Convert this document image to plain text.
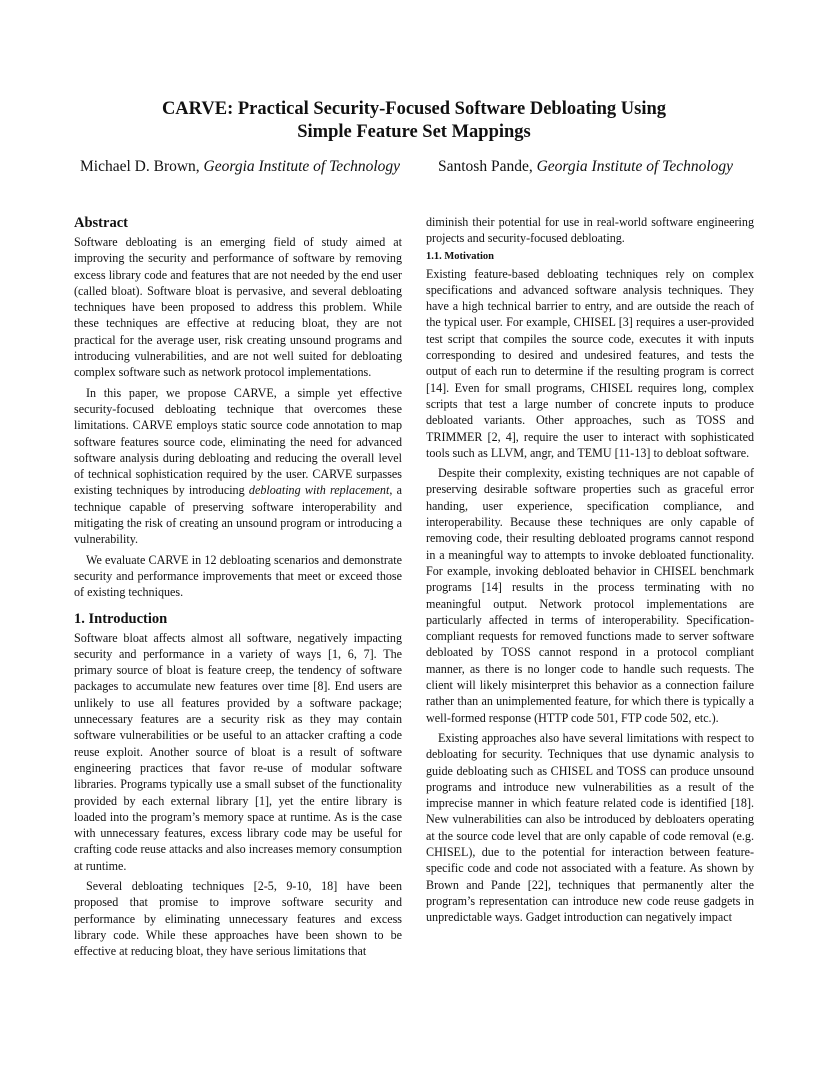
CARVE: Practical Security-Focused Software Debloating Using
Simple Feature Set Mappings
Michael D. Brown, Georgia Institute of Technology Santosh Pande, Georgia Institute of Technology
Abstract

Software debloating is an emerging field of study aimed at improving the security and performance of software by removing excess library code and features that are not needed by the end user (called bloat). Software bloat is pervasive, and several debloating techniques have been proposed to address this problem. While these techniques are effective at reducing bloat, they are not practical for the average user, risk creating unsound programs and introducing vulnerabilities, and are not well suited for debloating complex software such as network protocol implementations.

In this paper, we propose CARVE, a simple yet effective security-focused debloating technique that overcomes these limitations. CARVE employs static source code annotation to map software features source code, eliminating the need for advanced software analysis during debloating and reducing the overall level of technical sophistication required by the user. CARVE surpasses existing techniques by introducing debloating with replacement, a technique capable of preserving software interoperability and mitigating the risk of creating an unsound program or introducing a vulnerability.

We evaluate CARVE in 12 debloating scenarios and demonstrate security and performance improvements that meet or exceed those of existing techniques.

1. Introduction

Software bloat affects almost all software, negatively impacting security and performance in a variety of ways [1, 6, 7]. The primary source of bloat is feature creep, the tendency of software packages to accumulate new features over time [8]. End users are unlikely to use all features provided by a software package; unnecessary features are a security risk as they may contain software vulnerabilities or be useful to an attacker crafting a code reuse exploit. Another source of bloat is a result of software engineering practices that favor re-use of modular software libraries. Programs typically use a small subset of the functionality provided by each external library [1], yet the entire library is loaded into the program’s memory space at runtime. As is the case with unnecessary features, excess library code may be useful for crafting code reuse attacks and also increases memory consumption at runtime.

Several debloating techniques [2-5, 9-10, 18] have been proposed that promise to improve software security and performance by eliminating unnecessary features and excess library code. While these approaches have been shown to be effective at reducing bloat, they have serious limitations that

diminish their potential for use in real-world software engineering projects and security-focused debloating.

1.1. Motivation

Existing feature-based debloating techniques rely on complex specifications and advanced software analysis techniques. They have a high technical barrier to entry, and are outside the reach of the typical user. For example, CHISEL [3] requires a user-provided test script that compiles the source code, executes it with inputs corresponding to desired and undesired features, and tests the output of each run to determine if the resulting program is correct [14]. Even for small programs, CHISEL requires long, complex scripts that test a large number of concrete inputs to produce debloated variants. Other approaches, such as TOSS and TRIMMER [2, 4], require the user to interact with sophisticated tools such as LLVM, angr, and TEMU [11-13] to debloat software.

Despite their complexity, existing techniques are not capable of preserving desirable software properties such as graceful error handing, user experience, specification compliance, and interoperability. Because these techniques are only capable of removing code, their resulting debloated programs cannot respond in a meaningful way to attempts to invoke debloated functionality. For example, invoking debloated behavior in CHISEL benchmark programs [14] results in the process terminating with no meaningful output. Network protocol implementations are particularly affected in terms of interoperability. Specification-compliant requests for removed functions made to server software debloated by TOSS cannot respond in a protocol compliant manner, as there is no longer code to handle such requests. The client will likely misinterpret this behavior as a connection failure rather than an unimplemented feature, for which there is typically a well-formed response (HTTP code 501, FTP code 502, etc.).

Existing approaches also have several limitations with respect to debloating for security. Techniques that use dynamic analysis to guide debloating such as CHISEL and TOSS can produce unsound programs and introduce new vulnerabilities as a result of the imprecise manner in which feature related code is identified [18]. New vulnerabilities can also be introduced by debloaters operating at the source code level that are only capable of code removal (e.g. CHISEL), due to the potential for interaction between feature-specific code and code not associated with a feature. As shown by Brown and Pande [22], techniques that permanently alter the program’s representation can introduce new code reuse gadgets in unpredictable ways. Gadget introduction can negatively impact
